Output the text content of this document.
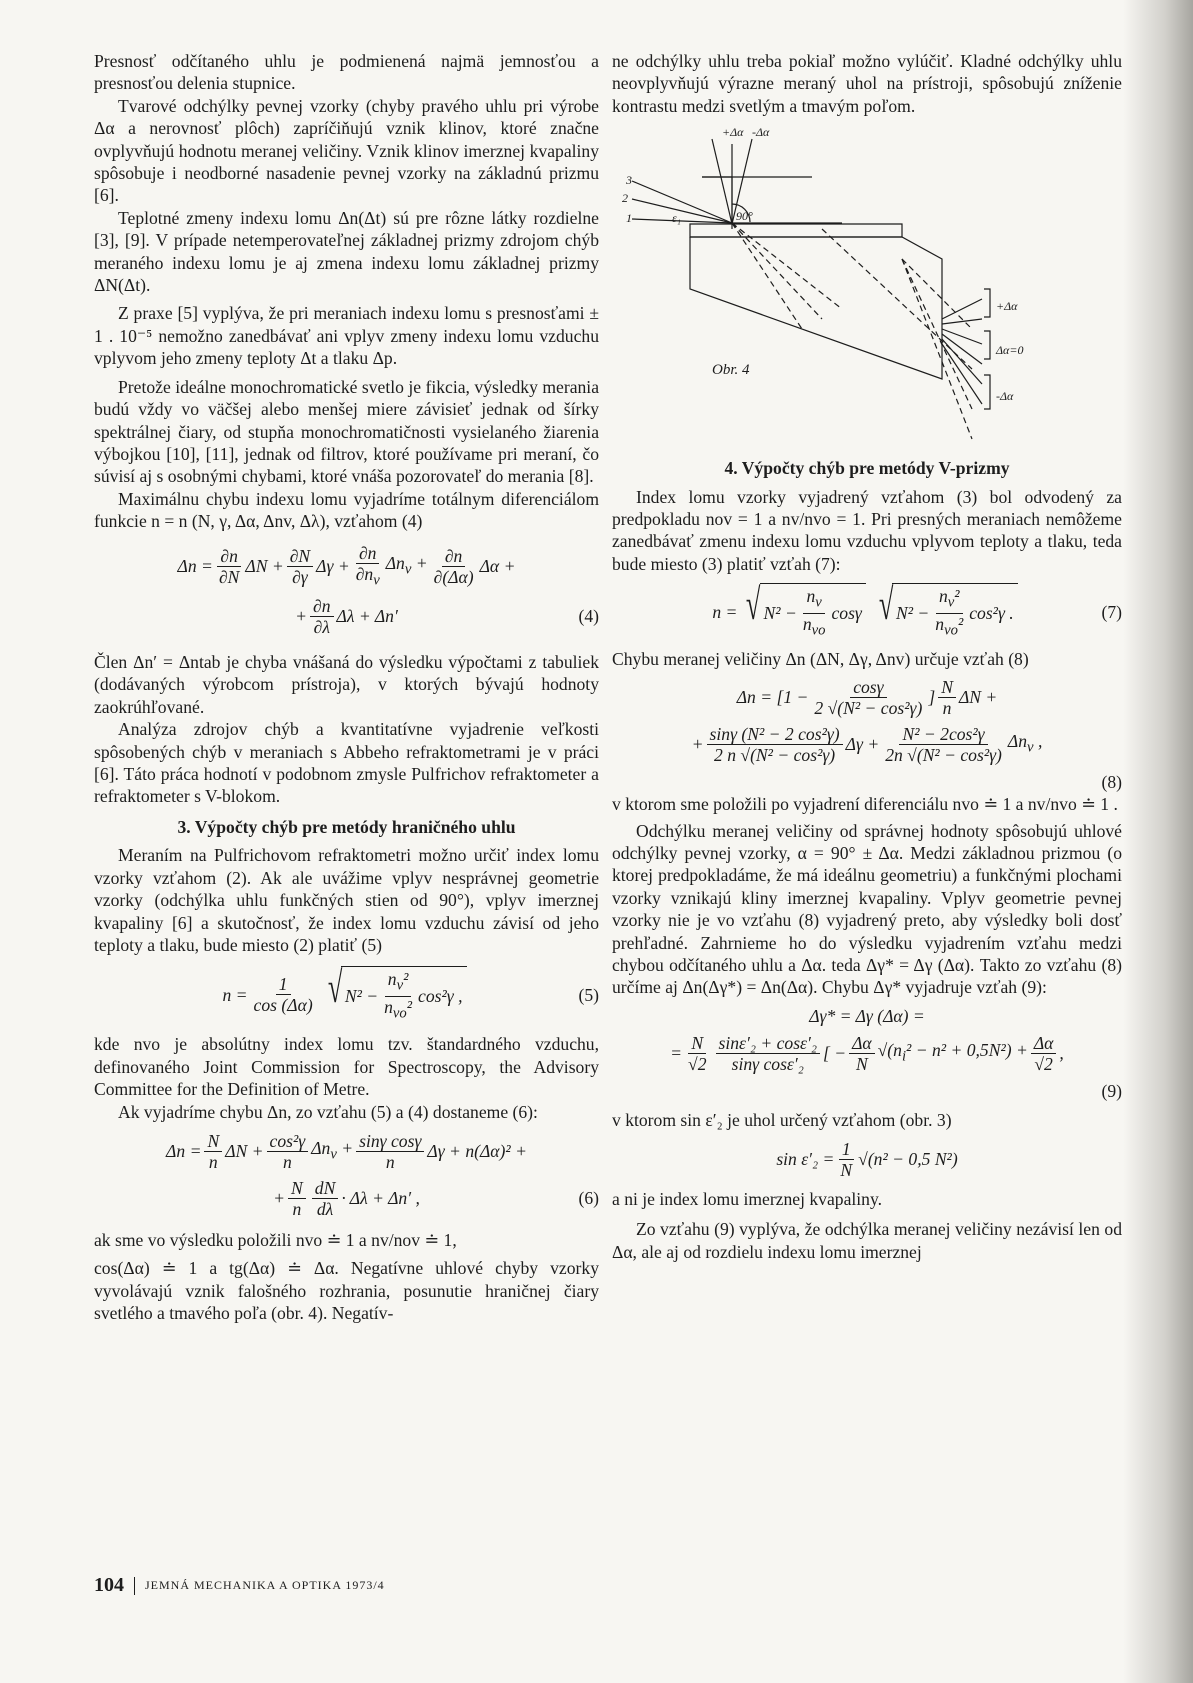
Presnosť odčítaného uhlu je podmienená najmä jemnosťou a presnosťou delenia stupnice.

Tvarové odchýlky pevnej vzorky (chyby pravého uhlu pri výrobe Δα a nerovnosť plôch) zapríčiňujú vznik klinov, ktoré značne ovplyvňujú hodnotu meranej veličiny. Vznik klinov imerznej kvapaliny spôsobuje i neodborné nasadenie pevnej vzorky na základnú prizmu [6].

Teplotné zmeny indexu lomu Δn(Δt) sú pre rôzne látky rozdielne [3], [9]. V prípade netemperovateľnej základnej prizmy zdrojom chýb meraného indexu lomu je aj zmena indexu lomu základnej prizmy ΔN(Δt).

Z praxe [5] vyplýva, že pri meraniach indexu lomu s presnosťami ± 1 . 10⁻⁵ nemožno zanedbávať ani vplyv zmeny indexu lomu vzduchu vplyvom jeho zmeny teploty Δt a tlaku Δp.

Pretože ideálne monochromatické svetlo je fikcia, výsledky merania budú vždy vo väčšej alebo menšej miere závisieť jednak od šírky spektrálnej čiary, od stupňa monochromatičnosti vysielaného žiarenia výbojkou [10], [11], jednak od filtrov, ktoré používame pri meraní, čo súvisí aj s osobnými chybami, ktoré vnáša pozorovateľ do merania [8].

Maximálnu chybu indexu lomu vyjadríme totálnym diferenciálom funkcie n = n (N, γ, Δα, Δnv, Δλ), vzťahom (4)

$\Delta n = \frac{\partial n}{\partial N}$ $\Delta N + \frac{\partial N}{\partial\gamma}$ $\Delta\gamma + \frac{\partial n}{\partial n_v} \Delta n_v + \frac{\partial n}{\partial(\Delta\alpha)}$ Δα +
+ $\frac{\partial n}{\partial\lambda}$ Δλ + Δn′	(4)

Člen Δn′ = Δntab je chyba vnášaná do výsledku výpočtami z tabuliek (dodávaných výrobcom prístroja), v ktorých bývajú hodnoty zaokrúhľované.

Analýza zdrojov chýb a kvantitatívne vyjadrenie veľkosti spôsobených chýb v meraniach s Abbeho refraktometrami je v práci [6]. Táto práca hodnotí v podobnom zmysle Pulfrichov refraktometer a refraktometer s V-blokom.

3. Výpočty chýb pre metódy hraničného uhlu

Meraním na Pulfrichovom refraktometri možno určiť index lomu vzorky vzťahom (2). Ak ale uvážime vplyv nesprávnej geometrie vzorky (odchýlka uhlu funkčných stien od 90°), vplyv imerznej kvapaliny [6] a skutočnosť, že index lomu vzduchu závisí od jeho teploty a tlaku, bude miesto (2) platiť (5)

$n = \frac{1}{\cos (\Delta\alpha)}$ √ $N^2 - \frac{n_v^2}{n_{vo}^2} \cos^2\gamma$ ,	(5)

kde nvo je absolútny index lomu tzv. štandardného vzduchu, definovaného Joint Commission for Spectroscopy, the Advisory Committee for the Definition of Metre.

Ak vyjadríme chybu Δn, zo vzťahu (5) a (4) dostaneme (6):

$\Delta n = \frac{N}{n}$ $\Delta N + \frac{\text{cos²γ}}{n} \Delta n_v + \frac{\text{sinγ cosγ}}{n}$ Δγ + n(Δα)² +
+ $\frac{N}{n} \frac{dN}{d\lambda} \cdot \Delta\lambda + \Delta n'$ ,	(6)

ak sme vo výsledku položili nvo ≐ 1 a nv/nov ≐ 1,

cos(Δα) ≐ 1 a tg(Δα) ≐ Δα. Negatívne uhlové chyby vzorky vyvolávajú vznik falošného rozhrania, posunutie hraničnej čiary svetlého a tmavého poľa (obr. 4). Negatív-

ne odchýlky uhlu treba pokiaľ možno vylúčiť. Kladné odchýlky uhlu neovplyvňujú výrazne meraný uhol na prístroji, spôsobujú zníženie kontrastu medzi svetlým a tmavým poľom.

+Δα -Δα
90°
ε₁
3
2
1
+Δα
Δα=0
-Δα
Obr. 4
4. Výpočty chýb pre metódy V-prizmy

Index lomu vzorky vyjadrený vzťahom (3) bol odvodený za predpokladu nov = 1 a nv/nvo = 1. Pri presných meraniach nemôžeme zanedbávať zmenu indexu lomu vzduchu vplyvom teploty a tlaku, teda bude miesto (3) platiť vzťah (7):

n = √ $N^2 - \frac{n_v}{n_{vo}}$ cosγ √ $N^2 - \frac{n_v^2}{n_{vo}^2} \cos^2\gamma$ .	(7)

Chybu meranej veličiny Δn (ΔN, Δγ, Δnv) určuje vzťah (8)

$\Delta n = [1 - \frac{\cos\gamma}{\text{2 √(N² − cos²γ)}}$ ] $\frac{N}{n}$ ΔN +
+ $\frac{\text{sinγ (N² − 2 cos²γ)}}{\text{2 n √(N² − cos²γ)}}$ $\Delta\gamma + \frac{\text{N² − 2cos²γ}}{\text{2n √(N² − cos²γ)}} \Delta n_v$ ,
(8)

v ktorom sme položili po vyjadrení diferenciálu nvo ≐ 1 a nv/nvo ≐ 1 .

Odchýlku meranej veličiny od správnej hodnoty spôsobujú uhlové odchýlky pevnej vzorky, α = 90° ± Δα. Medzi základnou prizmou (o ktorej predpokladáme, že má ideálnu geometriu) a funkčnými plochami vzorky vznikajú kliny imerznej kvapaliny. Vplyv geometrie pevnej vzorky nie je vo vzťahu (8) vyjadrený preto, aby výsledky boli dosť prehľadné. Zahrnieme ho do výsledku vyjadrením vzťahu medzi chybou odčítaného uhlu a Δα. teda Δγ* = Δγ (Δα). Takto zo vzťahu (8) určíme aj Δn(Δγ*) = Δn(Δα). Chybu Δγ* vyjadruje vzťah (9):

Δγ* = Δγ (Δα) =
= $\frac{N}{√2} \frac{\text{sinε′₂ + cosε′₂}}{\text{sinγ cosε′₂}}$ [ − $\frac{\Delta\alpha}{N} √(n_i^2 - n^2 + 0,5N^2) + \frac{\Delta\alpha}{√2}$ ,
(9)

v ktorom sin ε′₂ je uhol určený vzťahom (obr. 3)

$\sin \varepsilon'_2 = \frac{1}{N} √(n^2 - 0,5$ N²)

a ni je index lomu imerznej kvapaliny.

Zo vzťahu (9) vyplýva, že odchýlka meranej veličiny nezávisí len od Δα, ale aj od rozdielu indexu lomu imerznej

104 JEMNÁ MECHANIKA A OPTIKA 1973/4
